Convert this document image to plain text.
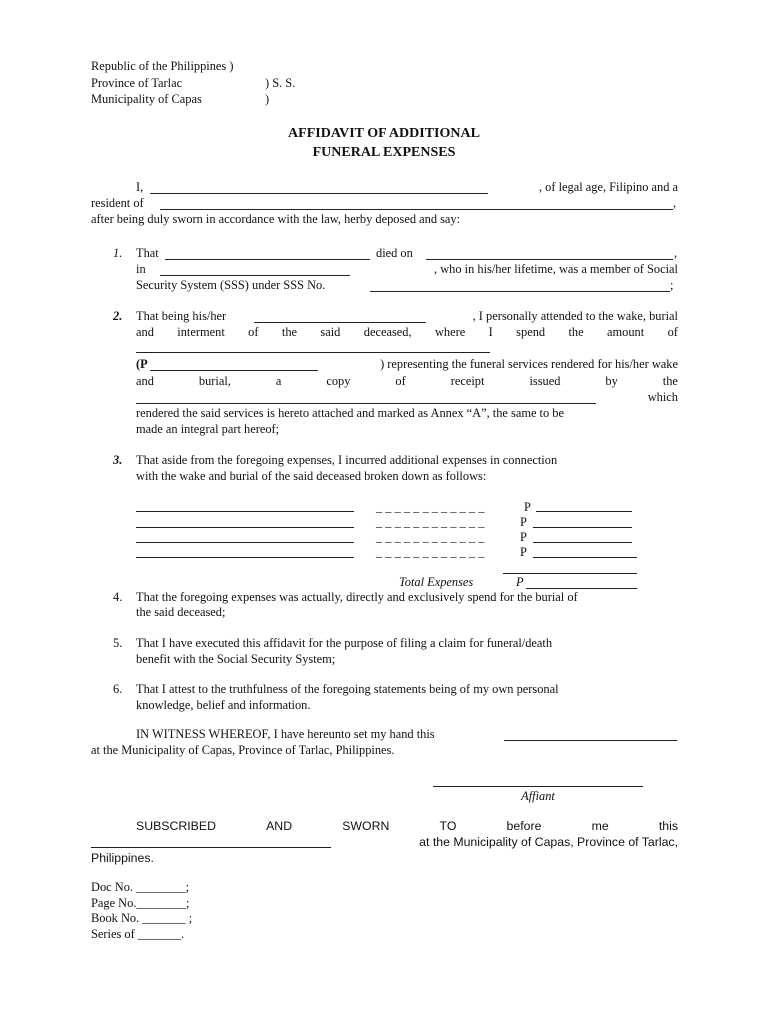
Republic of the Philippines )
Province of Tarlac	) S. S.
Municipality of Capas	)
AFFIDAVIT OF ADDITIONAL
FUNERAL EXPENSES
I,	, of legal age, Filipino and a
resident of	,
after being duly sworn in accordance with the law, herby deposed and say:
1. That	died on	,
in	, who in his/her lifetime, was a member of Social
Security System (SSS) under SSS No.	;
2. That being his/her	, I personally attended to the wake, burial
and interment of the said deceased, where I spend the amount of
(P	) representing the funeral services rendered for his/her wake
and	burial,	a	copy	of	receipt	issued	by	the
which
rendered the said services is hereto attached and marked as Annex “A”, the same to be
made an integral part hereof;
3. That aside from the foregoing expenses, I incurred additional expenses in connection
with the wake and burial of the said deceased broken down as follows:
_ _ _ _ _ _ _ _ _ _ _ _	P
_ _ _ _ _ _ _ _ _ _ _ _	P
_ _ _ _ _ _ _ _ _ _ _ _	P
_ _ _ _ _ _ _ _ _ _ _ _	P
Total Expenses	P
4. That the foregoing expenses was actually, directly and exclusively spend for the burial of
the said deceased;
5. That I have executed this affidavit for the purpose of filing a claim for funeral/death
benefit with the Social Security System;
6. That I attest to the truthfulness of the foregoing statements being of my own personal
knowledge, belief and information.
IN WITNESS WHEREOF, I have hereunto set my hand this
at the Municipality of Capas, Province of Tarlac, Philippines.
Affiant
SUBSCRIBED	AND	SWORN	TO	before	me	this
at the Municipality of Capas, Province of Tarlac,
Philippines.
Doc No. ________;
Page No.________;
Book No. _______ ;
Series of _______.
